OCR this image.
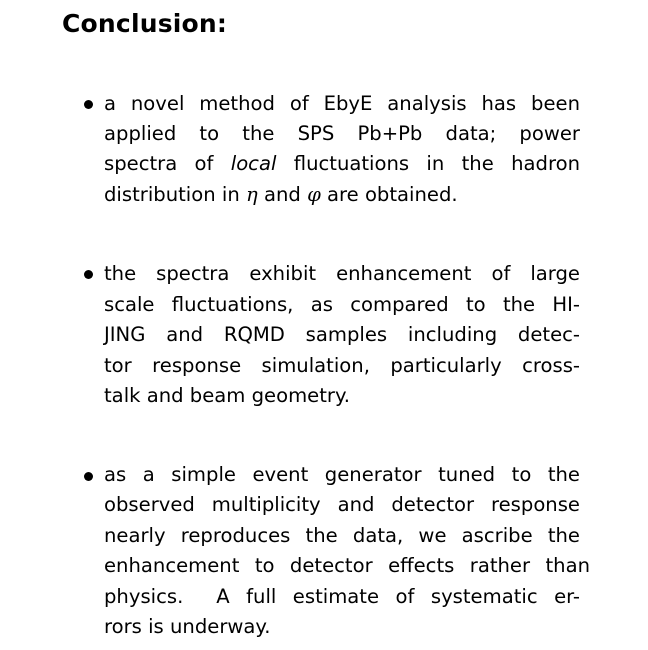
Conclusion:
a novel method of EbyE analysis has been
applied to the SPS Pb+Pb data; power
spectra of local fluctuations in the hadron
distribution in η and φ are obtained.
the spectra exhibit enhancement of large
scale fluctuations, as compared to the HI-
JING and RQMD samples including detec-
tor response simulation, particularly cross-
talk and beam geometry.
as a simple event generator tuned to the
observed multiplicity and detector response
nearly reproduces the data, we ascribe the
enhancement to detector effects rather than
physics.  A full estimate of systematic er-
rors is underway.
